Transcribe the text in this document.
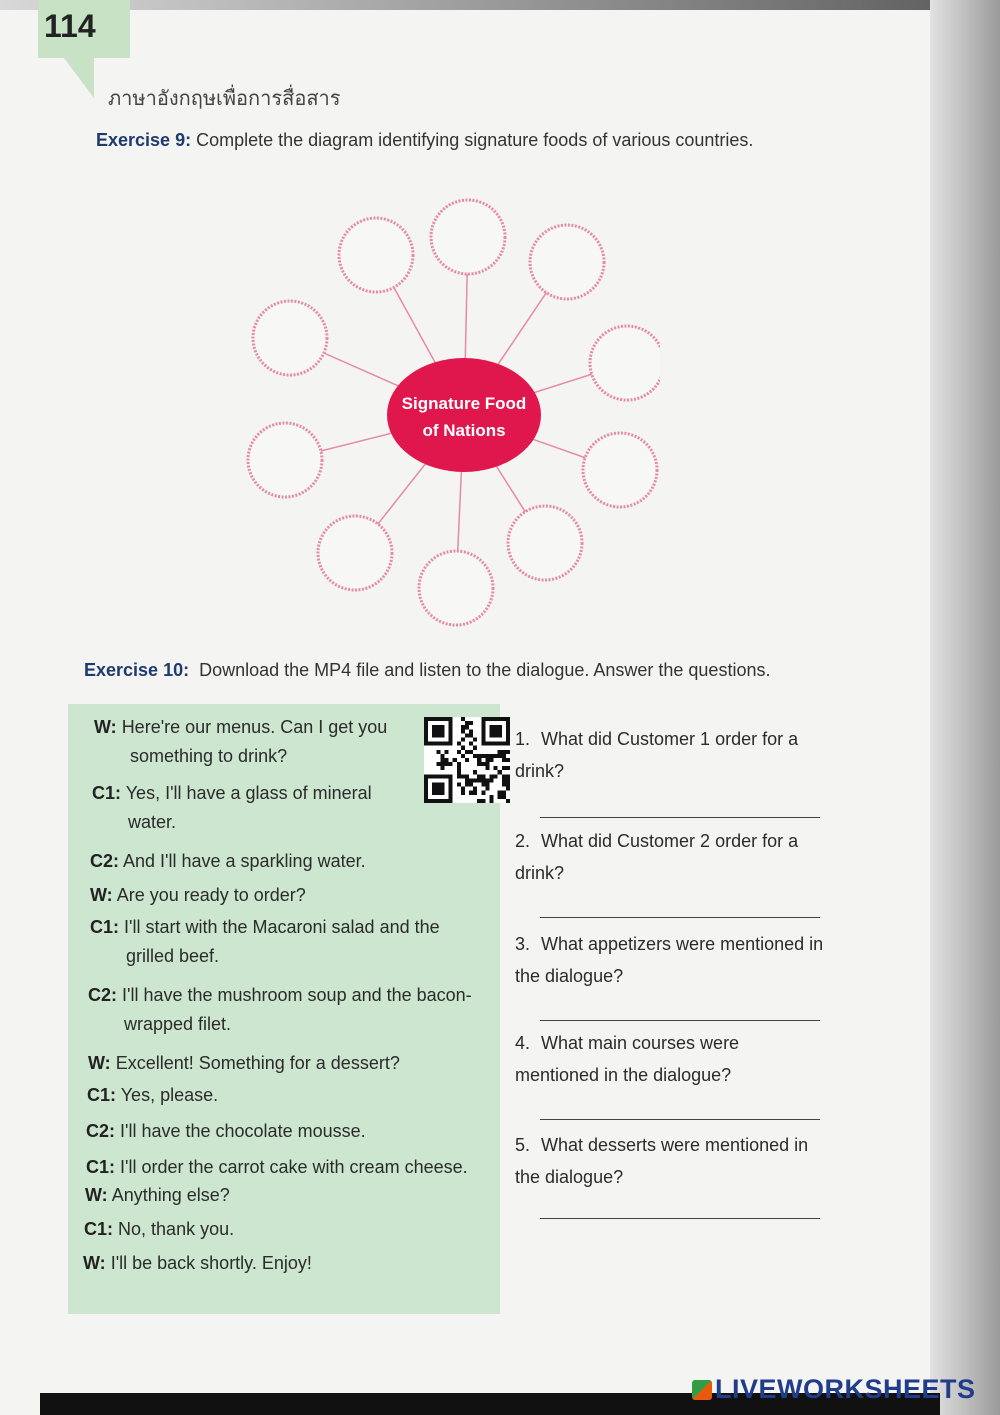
114
ภาษาอังกฤษเพื่อการสื่อสาร
Exercise 9: Complete the diagram identifying signature foods of various countries.
Signature Food
of Nations
Exercise 10: Download the MP4 file and listen to the dialogue. Answer the questions.
W: Here're our menus. Can I get you
something to drink?
C1: Yes, I'll have a glass of mineral
water.
C2: And I'll have a sparkling water.
W: Are you ready to order?
C1: I'll start with the Macaroni salad and the
grilled beef.
C2: I'll have the mushroom soup and the bacon-
wrapped filet.
W: Excellent! Something for a dessert?
C1: Yes, please.
C2: I'll have the chocolate mousse.
C1: I'll order the carrot cake with cream cheese.
W: Anything else?
C1: No, thank you.
W: I'll be back shortly. Enjoy!
1. What did Customer 1 order for a drink?
2. What did Customer 2 order for a drink?
3. What appetizers were mentioned in the dialogue?
4. What main courses were mentioned in the dialogue?
5. What desserts were mentioned in the dialogue?
LIVEWORKSHEETS
